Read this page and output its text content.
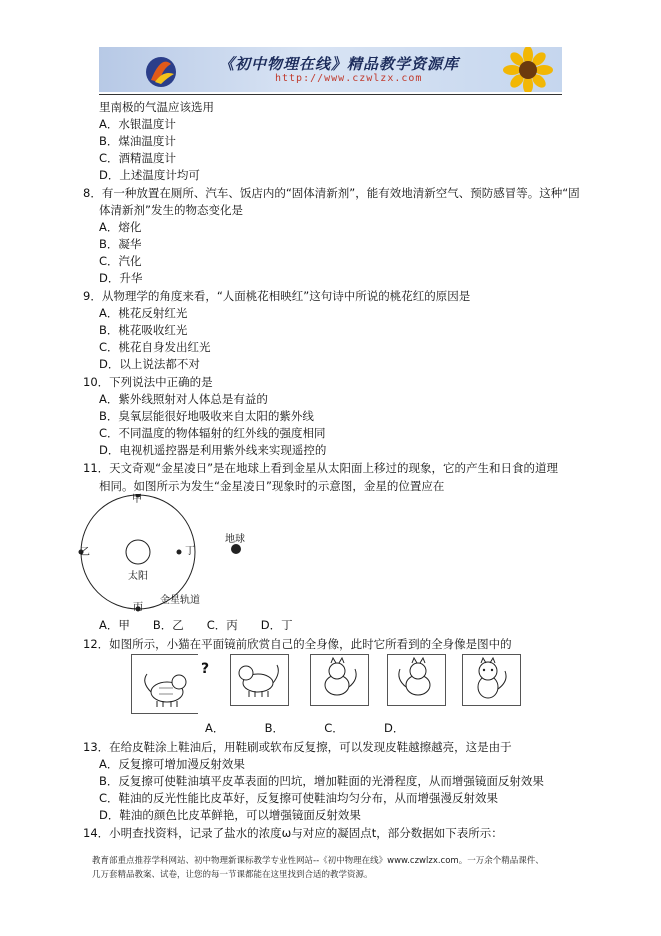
《初中物理在线》精品教学资源库
http://www.czwlzx.com
里南极的气温应该选用
A．水银温度计
B．煤油温度计
C．酒精温度计
D．上述温度计均可
8．有一种放置在厕所、汽车、饭店内的“固体清新剂”，能有效地清新空气、预防感冒等。这种“固
体清新剂”发生的物态变化是
A．熔化
B．凝华
C．汽化
D．升华
9．从物理学的角度来看，“人面桃花相映红”这句诗中所说的桃花红的原因是
A．桃花反射红光
B．桃花吸收红光
C．桃花自身发出红光
D．以上说法都不对
10．下列说法中正确的是
A．紫外线照射对人体总是有益的
B．臭氧层能很好地吸收来自太阳的紫外线
C．不同温度的物体辐射的红外线的强度相同
D．电视机遥控器是利用紫外线来实现遥控的
11．天文奇观“金星凌日”是在地球上看到金星从太阳面上移过的现象，它的产生和日食的道理
相同。如图所示为发生“金星凌日”现象时的示意图，金星的位置应在
甲
乙
丙
丁
太阳
金星轨道
地球
A．甲　　B．乙　　C．丙　　D．丁
12．如图所示，小猫在平面镜前欣赏自己的全身像，此时它所看到的全身像是图中的
?
A．　　　　B．　　　　C．　　　　D．
13．在给皮鞋涂上鞋油后，用鞋刷或软布反复擦，可以发现皮鞋越擦越亮，这是由于
A．反复擦可增加漫反射效果
B．反复擦可使鞋油填平皮革表面的凹坑，增加鞋面的光滑程度，从而增强镜面反射效果
C．鞋油的反光性能比皮革好，反复擦可使鞋油均匀分布，从而增强漫反射效果
D．鞋油的颜色比皮革鲜艳，可以增强镜面反射效果
14．小明查找资料，记录了盐水的浓度ω与对应的凝固点t，部分数据如下表所示：
教育部重点推荐学科网站、初中物理新课标教学专业性网站--《初中物理在线》www.czwlzx.com。一万余个精品课件、
几万套精品教案、试卷，让您的每一节课都能在这里找到合适的教学资源。
